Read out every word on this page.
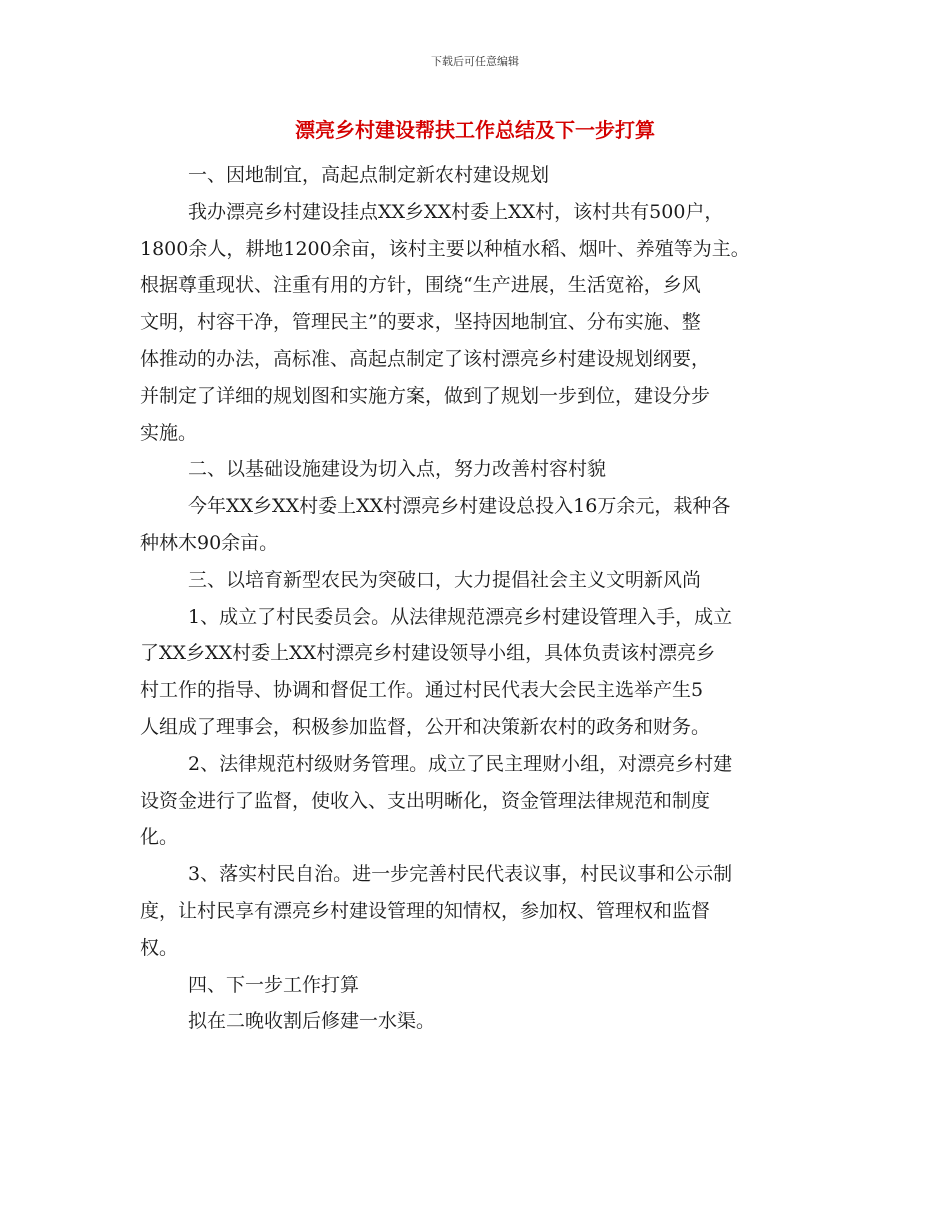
下载后可任意编辑
漂亮乡村建设帮扶工作总结及下一步打算

一、因地制宜，高起点制定新农村建设规划

我办漂亮乡村建设挂点XX乡XX村委上XX村，该村共有500户，

1800余人，耕地1200余亩，该村主要以种植水稻、烟叶、养殖等为主。

根据尊重现状、注重有用的方针，围绕“生产进展，生活宽裕，乡风

文明，村容干净，管理民主”的要求，坚持因地制宜、分布实施、整

体推动的办法，高标准、高起点制定了该村漂亮乡村建设规划纲要，

并制定了详细的规划图和实施方案，做到了规划一步到位，建设分步

实施。

二、以基础设施建设为切入点，努力改善村容村貌

今年XX乡XX村委上XX村漂亮乡村建设总投入16万余元，栽种各

种林木90余亩。

三、以培育新型农民为突破口，大力提倡社会主义文明新风尚

1、成立了村民委员会。从法律规范漂亮乡村建设管理入手，成立

了XX乡XX村委上XX村漂亮乡村建设领导小组，具体负责该村漂亮乡

村工作的指导、协调和督促工作。通过村民代表大会民主选举产生5

人组成了理事会，积极参加监督，公开和决策新农村的政务和财务。

2、法律规范村级财务管理。成立了民主理财小组，对漂亮乡村建

设资金进行了监督，使收入、支出明晰化，资金管理法律规范和制度

化。

3、落实村民自治。进一步完善村民代表议事，村民议事和公示制

度，让村民享有漂亮乡村建设管理的知情权，参加权、管理权和监督

权。

四、下一步工作打算

拟在二晚收割后修建一水渠。
